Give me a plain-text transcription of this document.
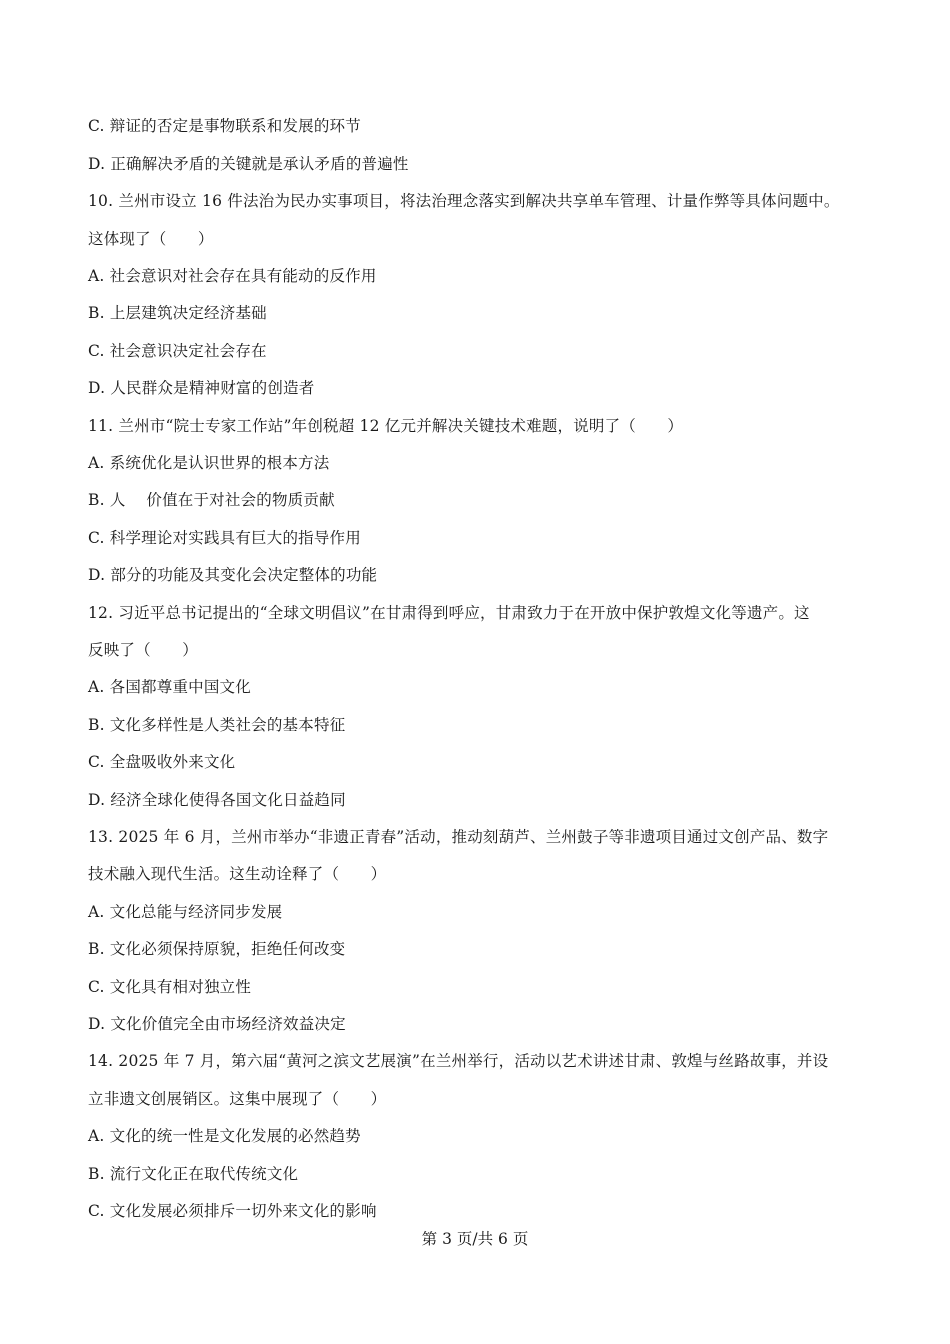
C. 辩证的否定是事物联系和发展的环节
D. 正确解决矛盾的关键就是承认矛盾的普遍性
10. 兰州市设立 16 件法治为民办实事项目，将法治理念落实到解决共享单车管理、计量作弊等具体问题中。
这体现了（　　）
A. 社会意识对社会存在具有能动的反作用
B. 上层建筑决定经济基础
C. 社会意识决定社会存在
D. 人民群众是精神财富的创造者
11. 兰州市“院士专家工作站”年创税超 12 亿元并解决关键技术难题，说明了（　　）
A. 系统优化是认识世界的根本方法
B. 人　 价值在于对社会的物质贡献
C. 科学理论对实践具有巨大的指导作用
D. 部分的功能及其变化会决定整体的功能
12. 习近平总书记提出的“全球文明倡议”在甘肃得到呼应，甘肃致力于在开放中保护敦煌文化等遗产。这
反映了（　　）
A. 各国都尊重中国文化
B. 文化多样性是人类社会的基本特征
C. 全盘吸收外来文化
D. 经济全球化使得各国文化日益趋同
13. 2025 年 6 月，兰州市举办“非遗正青春”活动，推动刻葫芦、兰州鼓子等非遗项目通过文创产品、数字
技术融入现代生活。这生动诠释了（　　）
A. 文化总能与经济同步发展
B. 文化必须保持原貌，拒绝任何改变
C. 文化具有相对独立性
D. 文化价值完全由市场经济效益决定
14. 2025 年 7 月，第六届“黄河之滨文艺展演”在兰州举行，活动以艺术讲述甘肃、敦煌与丝路故事，并设
立非遗文创展销区。这集中展现了（　　）
A. 文化的统一性是文化发展的必然趋势
B. 流行文化正在取代传统文化
C. 文化发展必须排斥一切外来文化的影响
第 3 页/共 6 页
